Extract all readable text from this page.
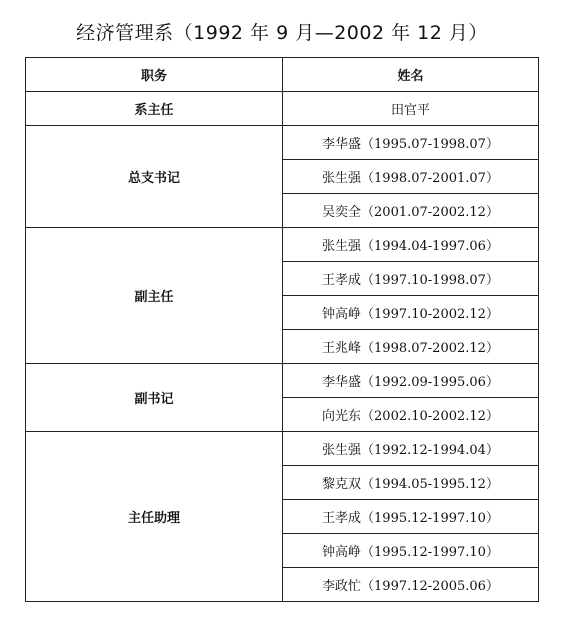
经济管理系（1992 年 9 月—2002 年 12 月）
职务	姓名
系主任	田官平
总支书记	李华盛（1995.07-1998.07）
	张生强（1998.07-2001.07）
	吴奕全（2001.07-2002.12）
副主任	张生强（1994.04-1997.06）
	王孝成（1997.10-1998.07）
	钟高峥（1997.10-2002.12）
	王兆峰（1998.07-2002.12）
副书记	李华盛（1992.09-1995.06）
	向光东（2002.10-2002.12）
主任助理	张生强（1992.12-1994.04）
	黎克双（1994.05-1995.12）
	王孝成（1995.12-1997.10）
	钟高峥（1995.12-1997.10）
	李政忙（1997.12-2005.06）
